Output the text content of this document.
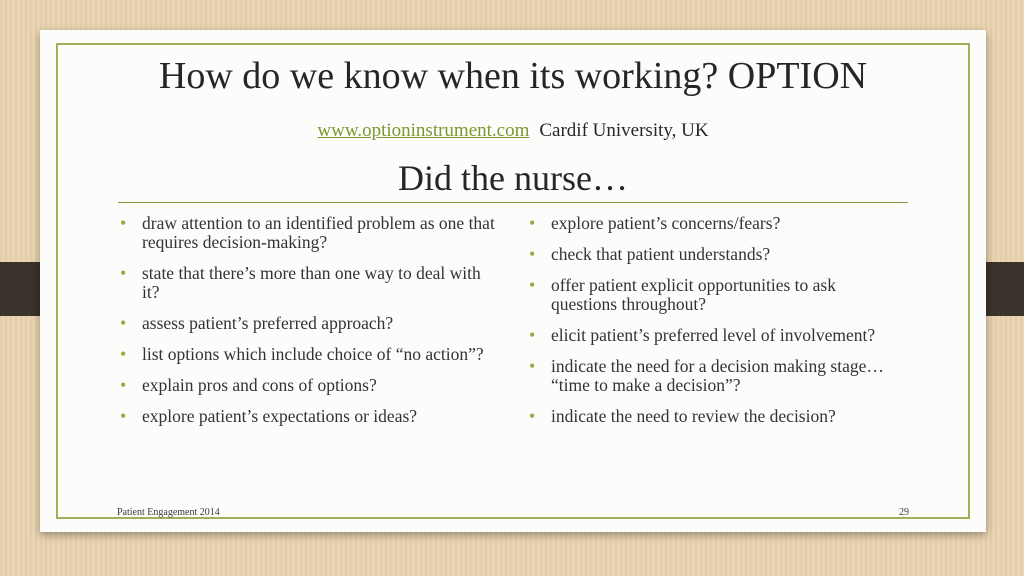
How do we know when its working? OPTION
www.optioninstrument.com Cardif University, UK
Did the nurse…
• draw attention to an identified problem as one that requires decision-making?
• state that there’s more than one way to deal with it?
• assess patient’s preferred approach?
• list options which include choice of “no action”?
• explain pros and cons of options?
• explore patient’s expectations or ideas?
• explore patient’s concerns/fears?
• check that patient understands?
• offer patient explicit opportunities to ask questions throughout?
• elicit patient’s preferred level of involvement?
• indicate the need for a decision making stage… “time to make a decision”?
• indicate the need to review the decision?
Patient Engagement 2014	29
